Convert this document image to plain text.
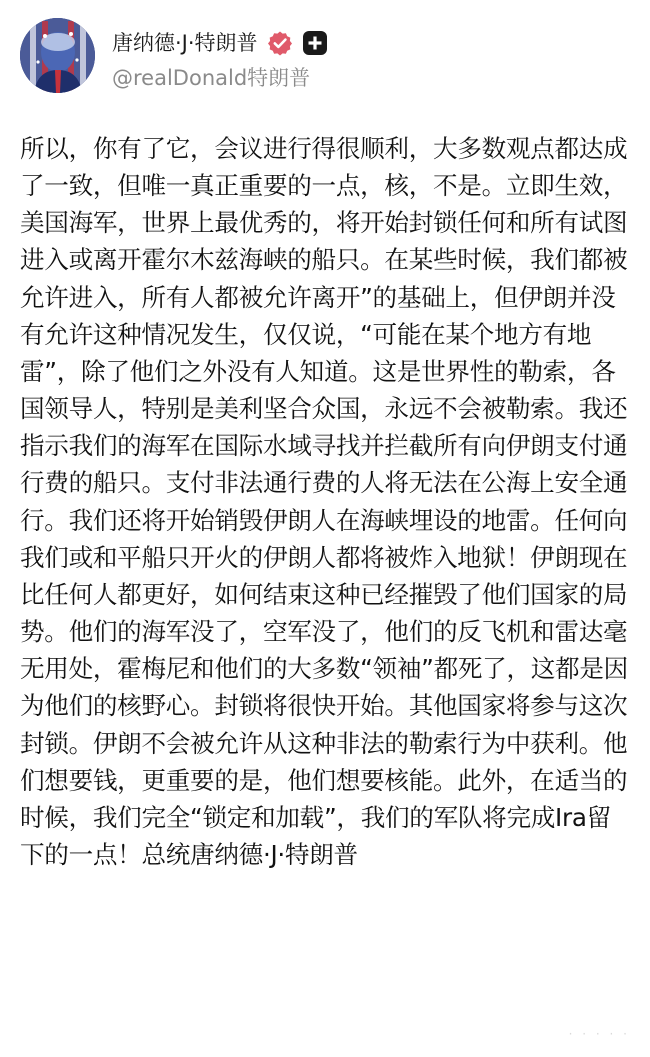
唐纳德·J·特朗普
@realDonald特朗普

所以，你有了它，会议进行得很顺利，大多数观点都达成了一致，但唯一真正重要的一点，核，不是。立即生效，美国海军，世界上最优秀的，将开始封锁任何和所有试图进入或离开霍尔木兹海峡的船只。在某些时候，我们都被允许进入，所有人都被允许离开”的基础上，但伊朗并没有允许这种情况发生，仅仅说，“可能在某个地方有地雷”，除了他们之外没有人知道。这是世界性的勒索，各国领导人，特别是美利坚合众国，永远不会被勒索。我还指示我们的海军在国际水域寻找并拦截所有向伊朗支付通行费的船只。支付非法通行费的人将无法在公海上安全通行。我们还将开始销毁伊朗人在海峡埋设的地雷。任何向我们或和平船只开火的伊朗人都将被炸入地狱！伊朗现在比任何人都更好，如何结束这种已经摧毁了他们国家的局势。他们的海军没了，空军没了，他们的反飞机和雷达毫无用处，霍梅尼和他们的大多数“领袖”都死了，这都是因为他们的核野心。封锁将很快开始。其他国家将参与这次封锁。伊朗不会被允许从这种非法的勒索行为中获利。他们想要钱，更重要的是，他们想要核能。此外，在适当的时候，我们完全“锁定和加载”，我们的军队将完成Ira留下的一点！总统唐纳德·J·特朗普

· · · · ·
